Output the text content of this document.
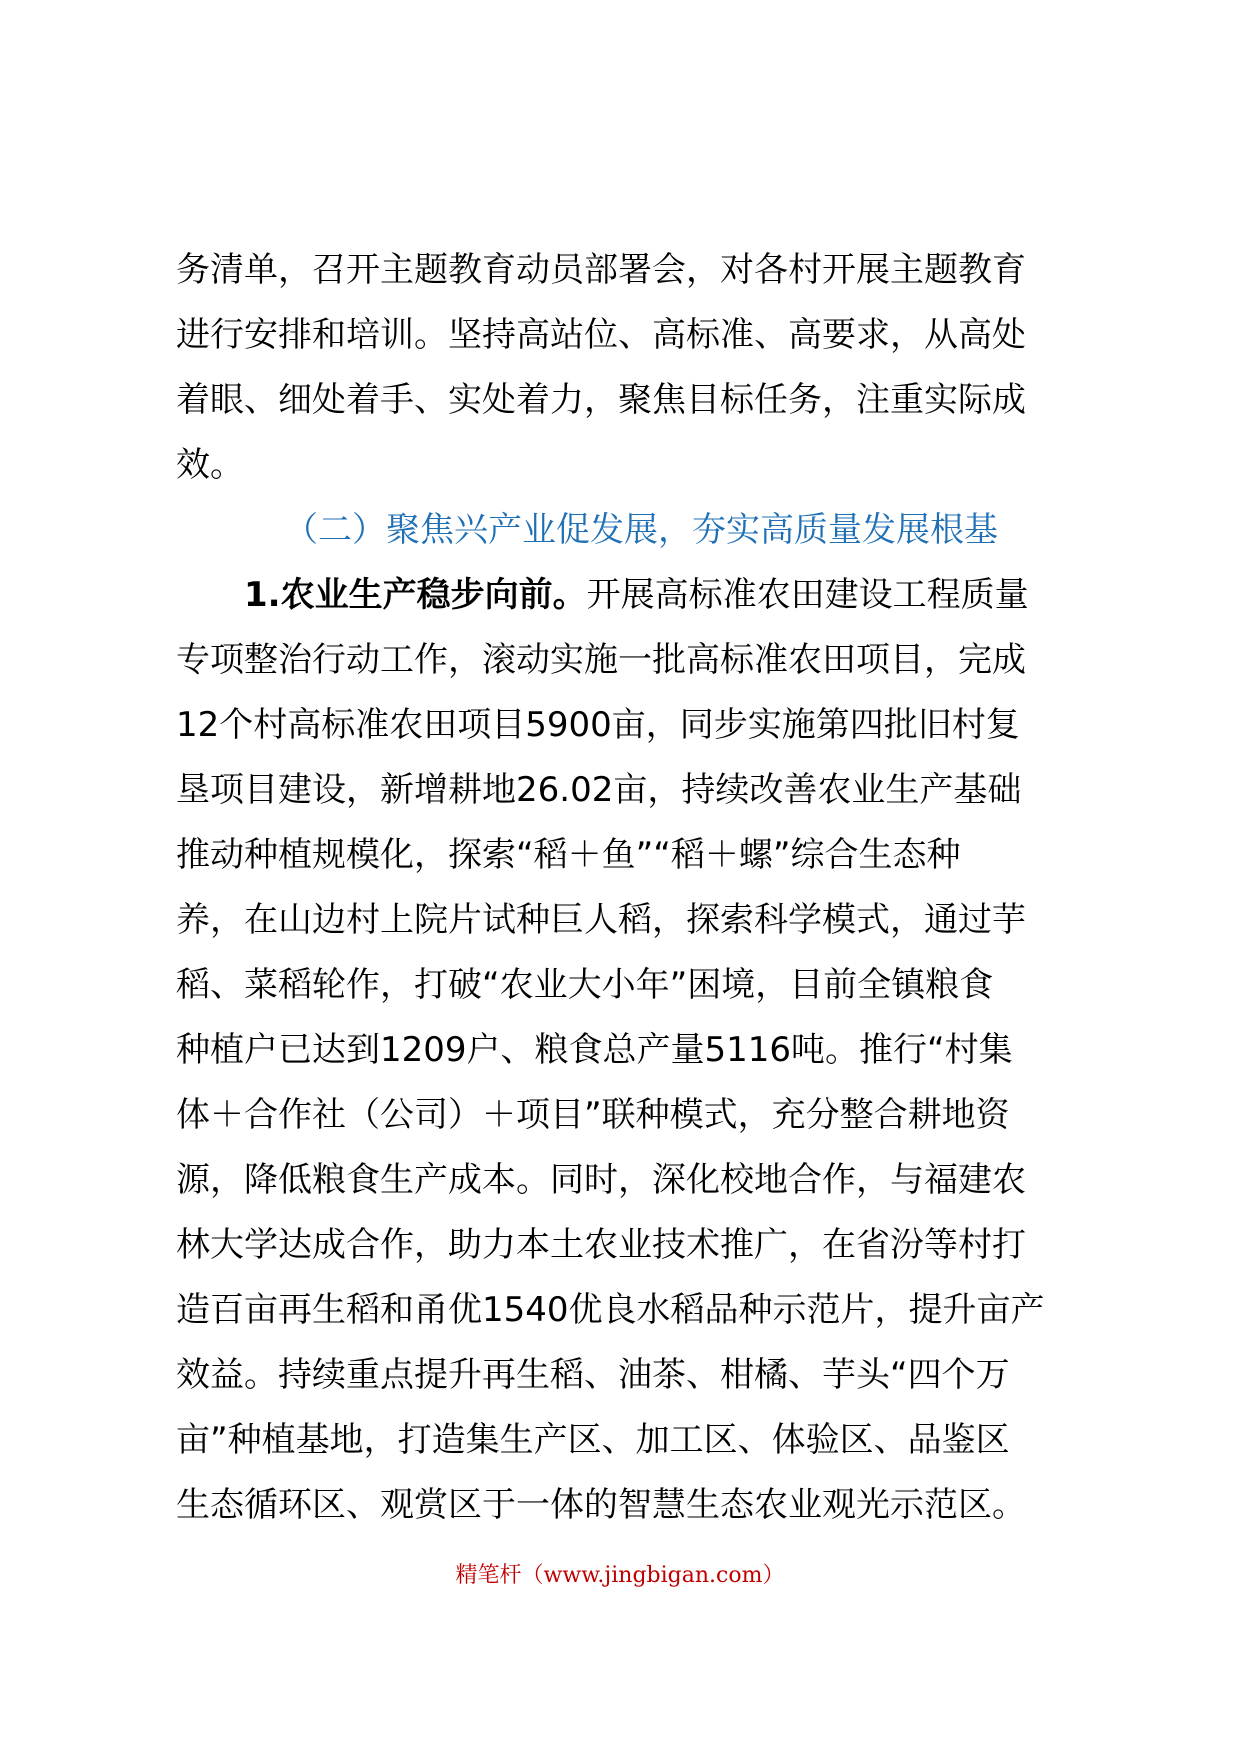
务清单，召开主题教育动员部署会，对各村开展主题教育
进行安排和培训。坚持高站位、高标准、高要求，从高处
着眼、细处着手、实处着力，聚焦目标任务，注重实际成
效。
（二）聚焦兴产业促发展，夯实高质量发展根基
1.农业生产稳步向前。开展高标准农田建设工程质量
专项整治行动工作，滚动实施一批高标准农田项目，完成
12个村高标准农田项目5900亩，同步实施第四批旧村复
垦项目建设，新增耕地26.02亩，持续改善农业生产基础
推动种植规模化，探索“稻＋鱼”“稻＋螺”综合生态种
养，在山边村上院片试种巨人稻，探索科学模式，通过芋
稻、菜稻轮作，打破“农业大小年”困境，目前全镇粮食
种植户已达到1209户、粮食总产量5116吨。推行“村集
体＋合作社（公司）＋项目”联种模式，充分整合耕地资
源，降低粮食生产成本。同时，深化校地合作，与福建农
林大学达成合作，助力本土农业技术推广，在省汾等村打
造百亩再生稻和甬优1540优良水稻品种示范片，提升亩产
效益。持续重点提升再生稻、油茶、柑橘、芋头“四个万
亩”种植基地，打造集生产区、加工区、体验区、品鉴区
生态循环区、观赏区于一体的智慧生态农业观光示范区。
精笔杆（www.jingbigan.com）
